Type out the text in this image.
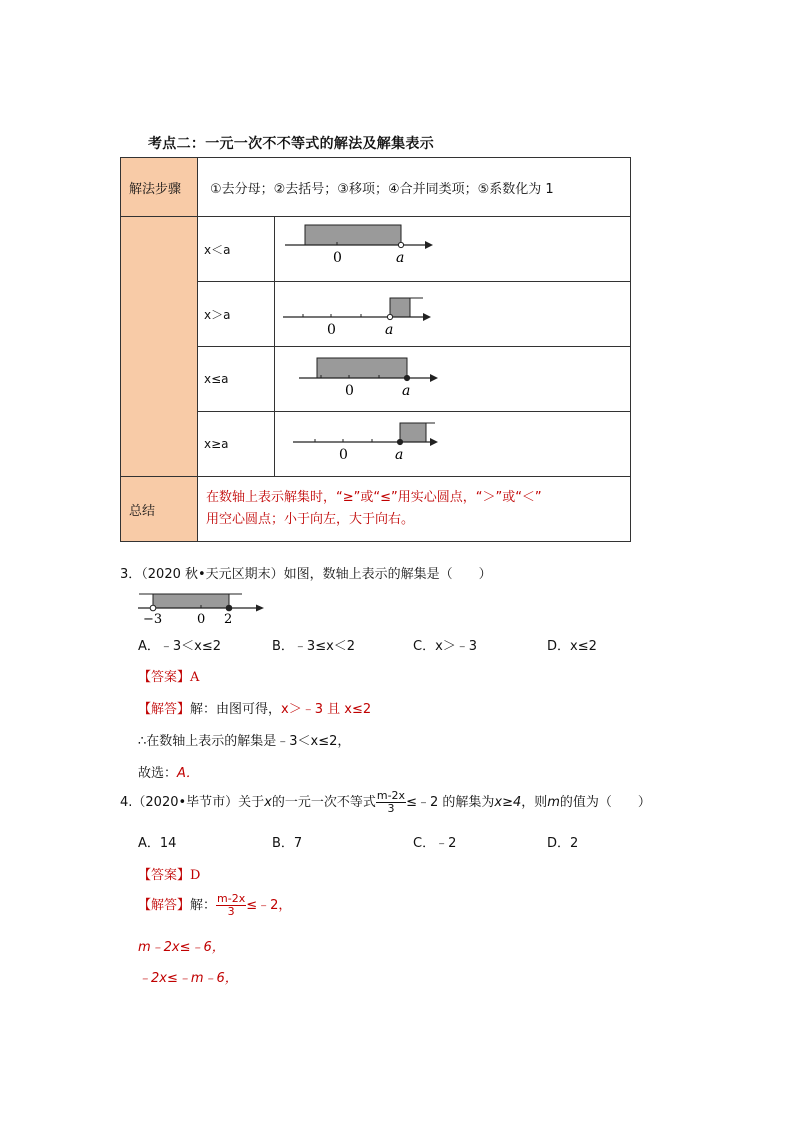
考点二：一元一次不不等式的解法及解集表示
解法步骤	①去分母；②去括号；③移项；④合并同类项；⑤系数化为 1	
	x＜a	0 a

	x＞a	0 a

	x≤a	0 a

	x≥a	0 a

总结	在数轴上表示解集时，“≥”或“≤”用实心圆点，“＞”或“＜”
用空心圆点；小于向左，大于向右。	
3．（2020 秋•天元区期末）如图，数轴上表示的解集是（　　）
−3	0 2
A．﹣3＜x≤2	B．﹣3≤x＜2	C．x＞﹣3	D．x≤2
【答案】A
【解答】解：由图可得，x＞﹣3 且 x≤2
∴在数轴上表示的解集是﹣3＜x≤2，
故选：A．
4.（2020•毕节市）关于x的一元一次不等式 $\frac{m-2x}{3}$ ≤﹣2 的解集为x≥4，则m的值为（　　）
A．14	B．7	C．﹣2	D．2
【答案】D
【解答】解： $\frac{m-2x}{3}$ ≤﹣2，
m﹣2x≤﹣6，
﹣2x≤﹣m﹣6，
